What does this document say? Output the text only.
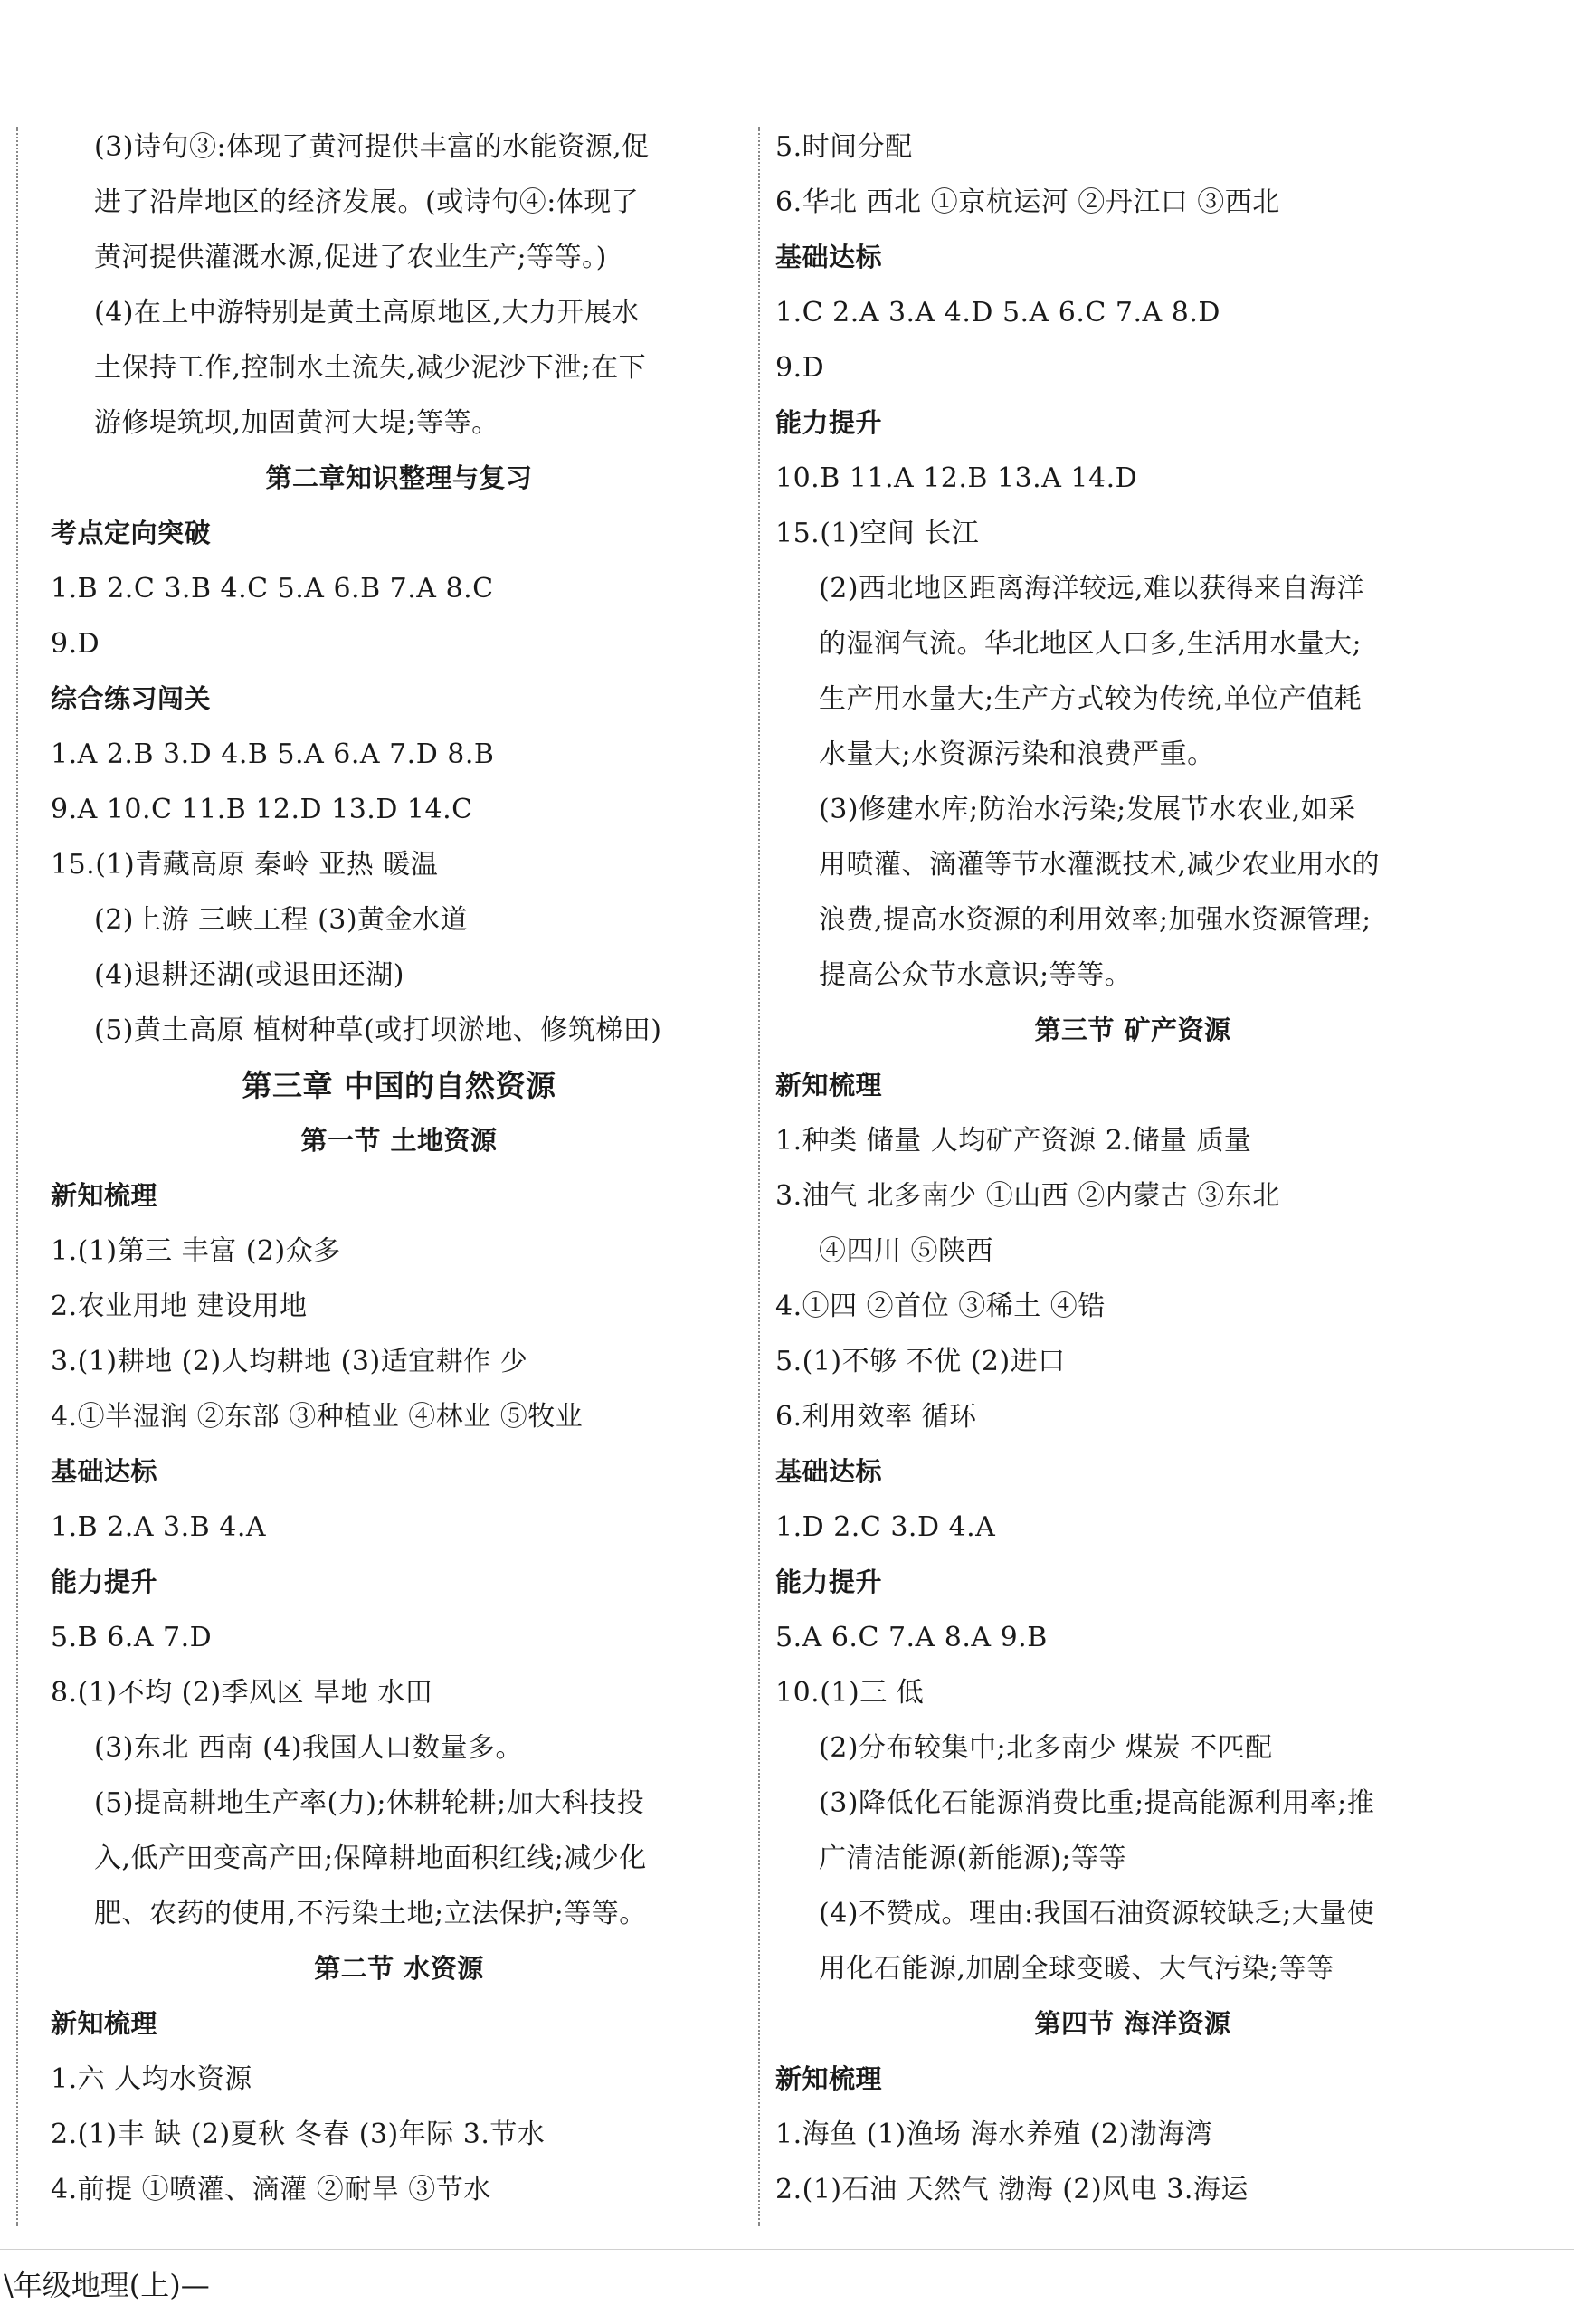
(3)诗句③:体现了黄河提供丰富的水能资源,促
进了沿岸地区的经济发展。(或诗句④:体现了
黄河提供灌溉水源,促进了农业生产;等等。)
(4)在上中游特别是黄土高原地区,大力开展水
土保持工作,控制水土流失,减少泥沙下泄;在下
游修堤筑坝,加固黄河大堤;等等。
第二章知识整理与复习
考点定向突破
1.B 2.C 3.B 4.C 5.A 6.B 7.A 8.C
9.D
综合练习闯关
1.A 2.B 3.D 4.B 5.A 6.A 7.D 8.B
9.A 10.C 11.B 12.D 13.D 14.C
15.(1)青藏高原 秦岭 亚热 暖温
(2)上游 三峡工程 (3)黄金水道
(4)退耕还湖(或退田还湖)
(5)黄土高原 植树种草(或打坝淤地、修筑梯田)
第三章 中国的自然资源
第一节 土地资源
新知梳理
1.(1)第三 丰富 (2)众多
2.农业用地 建设用地
3.(1)耕地 (2)人均耕地 (3)适宜耕作 少
4.①半湿润 ②东部 ③种植业 ④林业 ⑤牧业
基础达标
1.B 2.A 3.B 4.A
能力提升
5.B 6.A 7.D
8.(1)不均 (2)季风区 旱地 水田
(3)东北 西南 (4)我国人口数量多。
(5)提高耕地生产率(力);休耕轮耕;加大科技投
入,低产田变高产田;保障耕地面积红线;减少化
肥、农药的使用,不污染土地;立法保护;等等。
第二节 水资源
新知梳理
1.六 人均水资源
2.(1)丰 缺 (2)夏秋 冬春 (3)年际 3.节水
4.前提 ①喷灌、滴灌 ②耐旱 ③节水
5.时间分配
6.华北 西北 ①京杭运河 ②丹江口 ③西北
基础达标
1.C 2.A 3.A 4.D 5.A 6.C 7.A 8.D
9.D
能力提升
10.B 11.A 12.B 13.A 14.D
15.(1)空间 长江
(2)西北地区距离海洋较远,难以获得来自海洋
的湿润气流。华北地区人口多,生活用水量大;
生产用水量大;生产方式较为传统,单位产值耗
水量大;水资源污染和浪费严重。
(3)修建水库;防治水污染;发展节水农业,如采
用喷灌、滴灌等节水灌溉技术,减少农业用水的
浪费,提高水资源的利用效率;加强水资源管理;
提高公众节水意识;等等。
第三节 矿产资源
新知梳理
1.种类 储量 人均矿产资源 2.储量 质量
3.油气 北多南少 ①山西 ②内蒙古 ③东北
④四川 ⑤陕西
4.①四 ②首位 ③稀土 ④锆
5.(1)不够 不优 (2)进口
6.利用效率 循环
基础达标
1.D 2.C 3.D 4.A
能力提升
5.A 6.C 7.A 8.A 9.B
10.(1)三 低
(2)分布较集中;北多南少 煤炭 不匹配
(3)降低化石能源消费比重;提高能源利用率;推
广清洁能源(新能源);等等
(4)不赞成。理由:我国石油资源较缺乏;大量使
用化石能源,加剧全球变暖、大气污染;等等
第四节 海洋资源
新知梳理
1.海鱼 (1)渔场 海水养殖 (2)渤海湾
2.(1)石油 天然气 渤海 (2)风电 3.海运
\年级地理(上)—
